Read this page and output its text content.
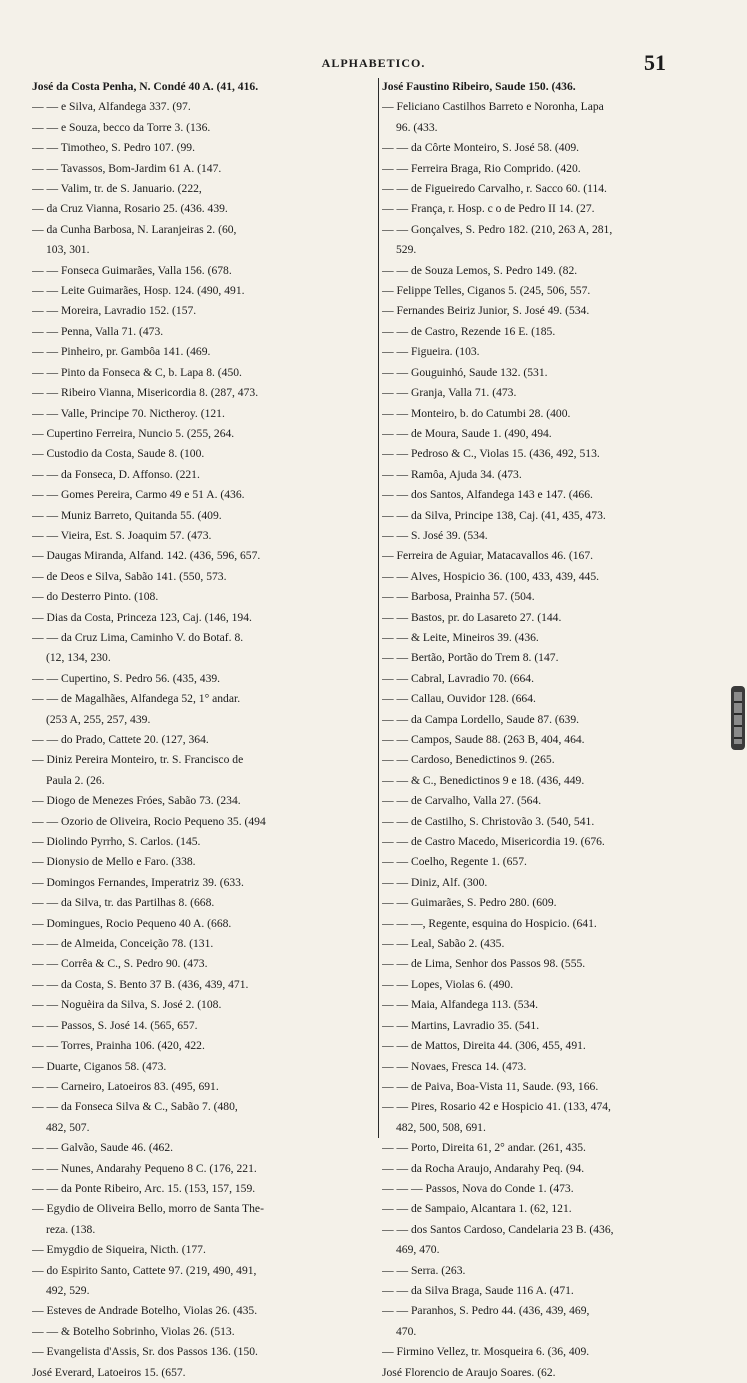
ALPHABETICO.	51
José da Costa Penha, N. Condé 40 A. (41, 416.
— — e Silva, Alfandega 337. (97.
— — e Souza, becco da Torre 3. (136.
— — Timotheo, S. Pedro 107. (99.
— — Tavassos, Bom-Jardim 61 A. (147.
— — Valim, tr. de S. Januario. (222,
— da Cruz Vianna, Rosario 25. (436. 439.
— da Cunha Barbosa, N. Laranjeiras 2. (60,
103, 301.
— — Fonseca Guimarães, Valla 156. (678.
— — Leite Guimarães, Hosp. 124. (490, 491.
— — Moreira, Lavradio 152. (157.
— — Penna, Valla 71. (473.
— — Pinheiro, pr. Gambôa 141. (469.
— — Pinto da Fonseca & C, b. Lapa 8. (450.
— — Ribeiro Vianna, Misericordia 8. (287, 473.
— — Valle, Principe 70. Nictheroy. (121.
— Cupertino Ferreira, Nuncio 5. (255, 264.
— Custodio da Costa, Saude 8. (100.
— — da Fonseca, D. Affonso. (221.
— — Gomes Pereira, Carmo 49 e 51 A. (436.
— — Muniz Barreto, Quitanda 55. (409.
— — Vieira, Est. S. Joaquim 57. (473.
— Daugas Miranda, Alfand. 142. (436, 596, 657.
— de Deos e Silva, Sabão 141. (550, 573.
— do Desterro Pinto. (108.
— Dias da Costa, Princeza 123, Caj. (146, 194.
— — da Cruz Lima, Caminho V. do Botaf. 8.
(12, 134, 230.
— — Cupertino, S. Pedro 56. (435, 439.
— — de Magalhães, Alfandega 52, 1° andar.
(253 A, 255, 257, 439.
— — do Prado, Cattete 20. (127, 364.
— Diniz Pereira Monteiro, tr. S. Francisco de
Paula 2. (26.
— Diogo de Menezes Fróes, Sabão 73. (234.
— — Ozorio de Oliveira, Rocio Pequeno 35. (494
— Diolindo Pyrrho, S. Carlos. (145.
— Dionysio de Mello e Faro. (338.
— Domingos Fernandes, Imperatriz 39. (633.
— — da Silva, tr. das Partilhas 8. (668.
— Domingues, Rocio Pequeno 40 A. (668.
— — de Almeida, Conceição 78. (131.
— — Corrêa & C., S. Pedro 90. (473.
— — da Costa, S. Bento 37 B. (436, 439, 471.
— — Noguèira da Silva, S. José 2. (108.
— — Passos, S. José 14. (565, 657.
— — Torres, Prainha 106. (420, 422.
— Duarte, Ciganos 58. (473.
— — Carneiro, Latoeiros 83. (495, 691.
— — da Fonseca Silva & C., Sabão 7. (480,
482, 507.
— — Galvão, Saude 46. (462.
— — Nunes, Andarahy Pequeno 8 C. (176, 221.
— — da Ponte Ribeiro, Arc. 15. (153, 157, 159.
— Egydio de Oliveira Bello, morro de Santa The-
reza. (138.
— Emygdio de Siqueira, Nicth. (177.
— do Espirito Santo, Cattete 97. (219, 490, 491,
492, 529.
— Esteves de Andrade Botelho, Violas 26. (435.
— — & Botelho Sobrinho, Violas 26. (513.
— Evangelista d'Assis, Sr. dos Passos 136. (150.
José Everard, Latoeiros 15. (657.
José Faustino Ribeiro, Saude 150. (436.
— Feliciano Castilhos Barreto e Noronha, Lapa
96. (433.
— — da Côrte Monteiro, S. José 58. (409.
— — Ferreira Braga, Rio Comprido. (420.
— — de Figueiredo Carvalho, r. Sacco 60. (114.
— — França, r. Hosp. c o de Pedro II 14. (27.
— — Gonçalves, S. Pedro 182. (210, 263 A, 281,
529.
— — de Souza Lemos, S. Pedro 149. (82.
— Felippe Telles, Ciganos 5. (245, 506, 557.
— Fernandes Beiriz Junior, S. José 49. (534.
— — de Castro, Rezende 16 E. (185.
— — Figueira. (103.
— — Gouguinhó, Saude 132. (531.
— — Granja, Valla 71. (473.
— — Monteiro, b. do Catumbi 28. (400.
— — de Moura, Saude 1. (490, 494.
— — Pedroso & C., Violas 15. (436, 492, 513.
— — Ramôa, Ajuda 34. (473.
— — dos Santos, Alfandega 143 e 147. (466.
— — da Silva, Principe 138, Caj. (41, 435, 473.
— — S. José 39. (534.
— Ferreira de Aguiar, Matacavallos 46. (167.
— — Alves, Hospicio 36. (100, 433, 439, 445.
— — Barbosa, Prainha 57. (504.
— — Bastos, pr. do Lasareto 27. (144.
— — & Leite, Mineiros 39. (436.
— — Bertão, Portão do Trem 8. (147.
— — Cabral, Lavradio 70. (664.
— — Callau, Ouvidor 128. (664.
— — da Campa Lordello, Saude 87. (639.
— — Campos, Saude 88. (263 B, 404, 464.
— — Cardoso, Benedictinos 9. (265.
— — & C., Benedictinos 9 e 18. (436, 449.
— — de Carvalho, Valla 27. (564.
— — de Castilho, S. Christovão 3. (540, 541.
— — de Castro Macedo, Misericordia 19. (676.
— — Coelho, Regente 1. (657.
— — Diniz, Alf. (300.
— — Guimarães, S. Pedro 280. (609.
— — —, Regente, esquina do Hospicio. (641.
— — Leal, Sabão 2. (435.
— — de Lima, Senhor dos Passos 98. (555.
— — Lopes, Violas 6. (490.
— — Maia, Alfandega 113. (534.
— — Martins, Lavradio 35. (541.
— — de Mattos, Direita 44. (306, 455, 491.
— — Novaes, Fresca 14. (473.
— — de Paiva, Boa-Vista 11, Saude. (93, 166.
— — Pires, Rosario 42 e Hospicio 41. (133, 474,
482, 500, 508, 691.
— — Porto, Direita 61, 2° andar. (261, 435.
— — da Rocha Araujo, Andarahy Peq. (94.
— — — Passos, Nova do Conde 1. (473.
— — de Sampaio, Alcantara 1. (62, 121.
— — dos Santos Cardoso, Candelaria 23 B. (436,
469, 470.
— — Serra. (263.
— — da Silva Braga, Saude 116 A. (471.
— — Paranhos, S. Pedro 44. (436, 439, 469,
470.
— Firmino Vellez, tr. Mosqueira 6. (36, 409.
José Florencio de Araujo Soares. (62.
